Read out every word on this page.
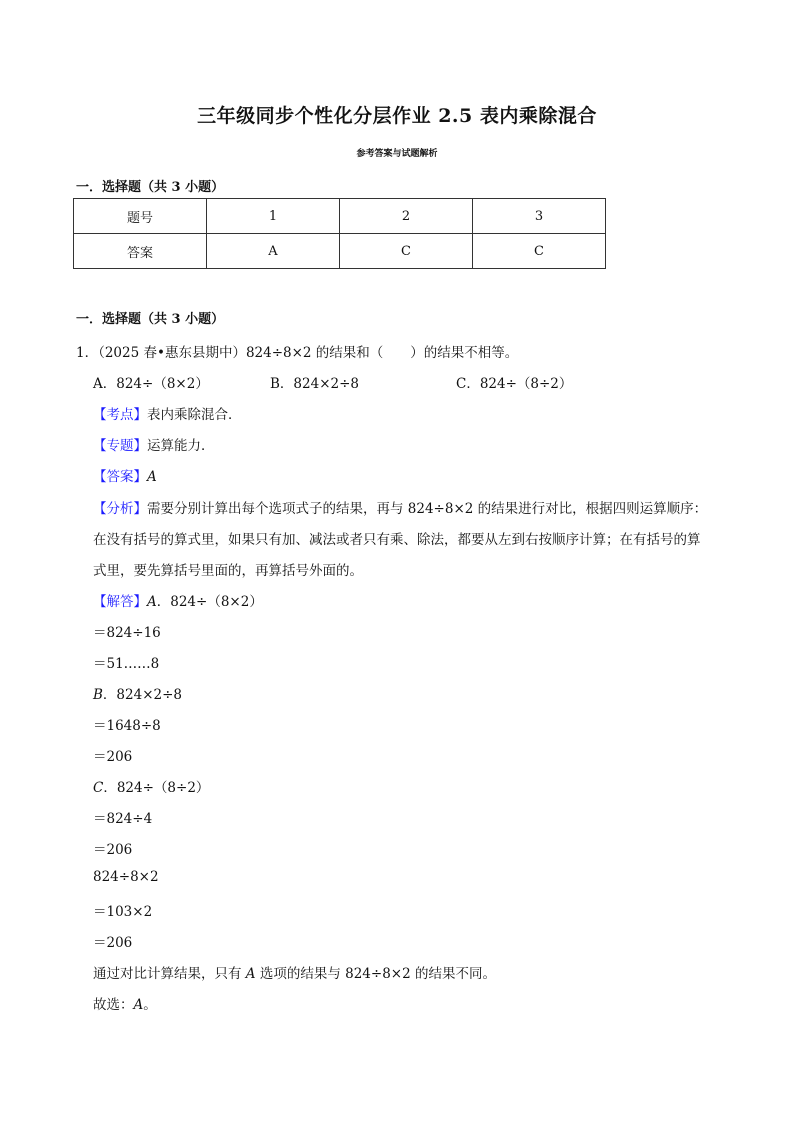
三年级同步个性化分层作业 2.5 表内乘除混合
参考答案与试题解析
一．选择题（共 3 小题）
题号	1	2	3
答案	A	C	C
一．选择题（共 3 小题）
1．（2025 春•惠东县期中）824÷8×2 的结果和（　　）的结果不相等。
A．824÷（8×2）	B．824×2÷8	C．824÷（8÷2）
【考点】表内乘除混合．
【专题】运算能力．
【答案】A
【分析】需要分别计算出每个选项式子的结果，再与 824÷8×2 的结果进行对比，根据四则运算顺序：
在没有括号的算式里，如果只有加、减法或者只有乘、除法，都要从左到右按顺序计算；在有括号的算
式里，要先算括号里面的，再算括号外面的。
【解答】A．824÷（8×2）
＝824÷16
＝51……8
B．824×2÷8
＝1648÷8
＝206
C．824÷（8÷2）
＝824÷4
＝206
824÷8×2
＝103×2
＝206
通过对比计算结果，只有 A 选项的结果与 824÷8×2 的结果不同。
故选：A。
